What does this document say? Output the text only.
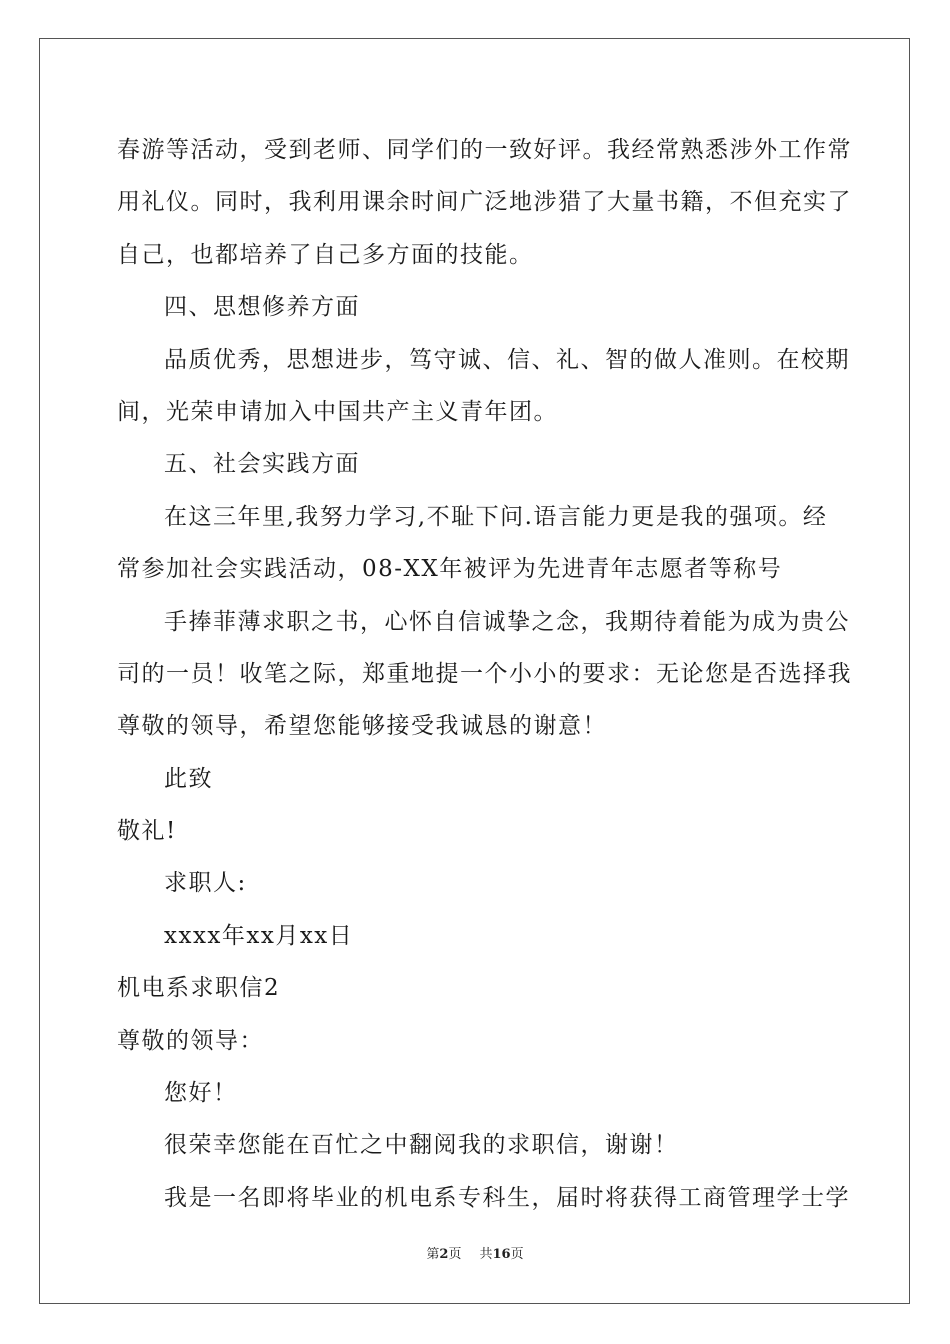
春游等活动，受到老师、同学们的一致好评。我经常熟悉涉外工作常
用礼仪。同时，我利用课余时间广泛地涉猎了大量书籍，不但充实了
自己，也都培养了自己多方面的技能。
四、思想修养方面
品质优秀，思想进步，笃守诚、信、礼、智的做人准则。在校期
间，光荣申请加入中国共产主义青年团。
五、社会实践方面
在这三年里,我努力学习,不耻下问.语言能力更是我的强项。经
常参加社会实践活动，08-XX年被评为先进青年志愿者等称号
手捧菲薄求职之书，心怀自信诚挚之念，我期待着能为成为贵公
司的一员！收笔之际，郑重地提一个小小的要求：无论您是否选择我
尊敬的领导，希望您能够接受我诚恳的谢意！
此致
敬礼!
求职人:
xxxx年xx月xx日
机电系求职信2
尊敬的领导：
您好！
很荣幸您能在百忙之中翻阅我的求职信，谢谢！
我是一名即将毕业的机电系专科生，届时将获得工商管理学士学
第2页 共16页
